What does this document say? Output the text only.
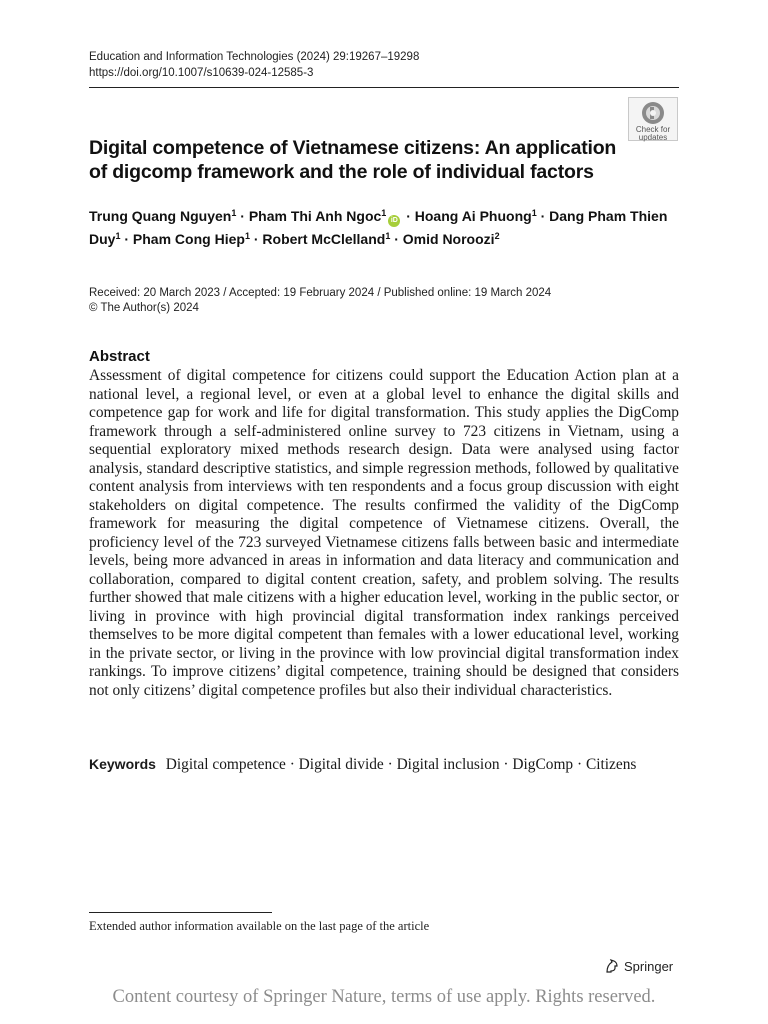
Education and Information Technologies (2024) 29:19267–19298
https://doi.org/10.1007/s10639-024-12585-3
Check for
updates
Digital competence of Vietnamese citizens: An application of digcomp framework and the role of individual factors
Trung Quang Nguyen$^1$ · Pham Thi Anh Ngoc$^1$iD · Hoang Ai Phuong$^1$ · Dang Pham Thien Duy$^1$ · Pham Cong Hiep$^1$ · Robert McClelland$^1$ · Omid Noroozi$^2$
Received: 20 March 2023 / Accepted: 19 February 2024 / Published online: 19 March 2024
© The Author(s) 2024
Abstract
Assessment of digital competence for citizens could support the Education Action plan at a national level, a regional level, or even at a global level to enhance the digital skills and competence gap for work and life for digital transformation. This study applies the DigComp framework through a self-administered online survey to 723 citizens in Vietnam, using a sequential exploratory mixed methods research design. Data were analysed using factor analysis, standard descriptive statistics, and simple regression methods, followed by qualitative content analysis from interviews with ten respondents and a focus group discussion with eight stakeholders on digital competence. The results confirmed the validity of the DigComp framework for measuring the digital competence of Vietnamese citizens. Overall, the proficiency level of the 723 surveyed Vietnamese citizens falls between basic and intermediate levels, being more advanced in areas in information and data literacy and communication and collaboration, compared to digital content creation, safety, and problem solving. The results further showed that male citizens with a higher education level, working in the public sector, or living in province with high provincial digital transformation index rankings perceived themselves to be more digital competent than females with a lower educational level, working in the private sector, or living in the province with low provincial digital transformation index rankings. To improve citizens’ digital competence, training should be designed that considers not only citizens’ digital competence profiles but also their individual characteristics.
Keywords Digital competence · Digital divide · Digital inclusion · DigComp · Citizens
Extended author information available on the last page of the article
Springer
Content courtesy of Springer Nature, terms of use apply. Rights reserved.
